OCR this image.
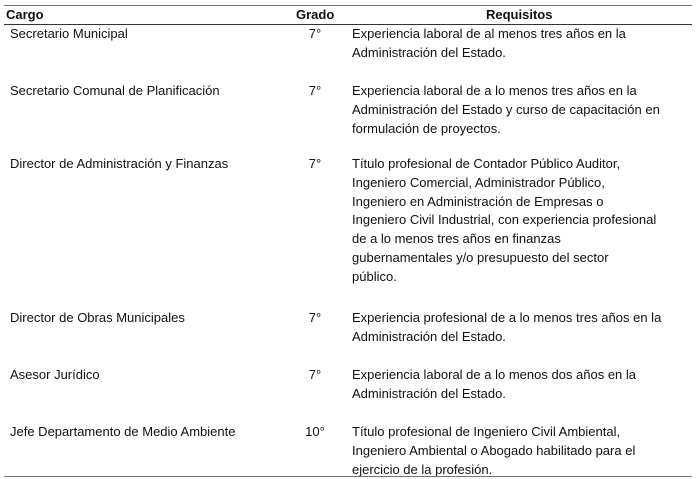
Cargo	Grado	Requisitos
Secretario Municipal	7°	Experiencia laboral de al menos tres años en la
Administración del Estado.
Secretario Comunal de Planificación	7°	Experiencia laboral de a lo menos tres años en la
Administración del Estado y curso de capacitación en
formulación de proyectos.
Director de Administración y Finanzas	7°	Título profesional de Contador Público Auditor,
Ingeniero Comercial, Administrador Público,
Ingeniero en Administración de Empresas o
Ingeniero Civil Industrial, con experiencia profesional
de a lo menos tres años en finanzas
gubernamentales y/o presupuesto del sector
público.
Director de Obras Municipales	7°	Experiencia profesional de a lo menos tres años en la
Administración del Estado.
Asesor Jurídico	7°	Experiencia laboral de a lo menos dos años en la
Administración del Estado.
Jefe Departamento de Medio Ambiente	10°	Título profesional de Ingeniero Civil Ambiental,
Ingeniero Ambiental o Abogado habilitado para el
ejercicio de la profesión.
